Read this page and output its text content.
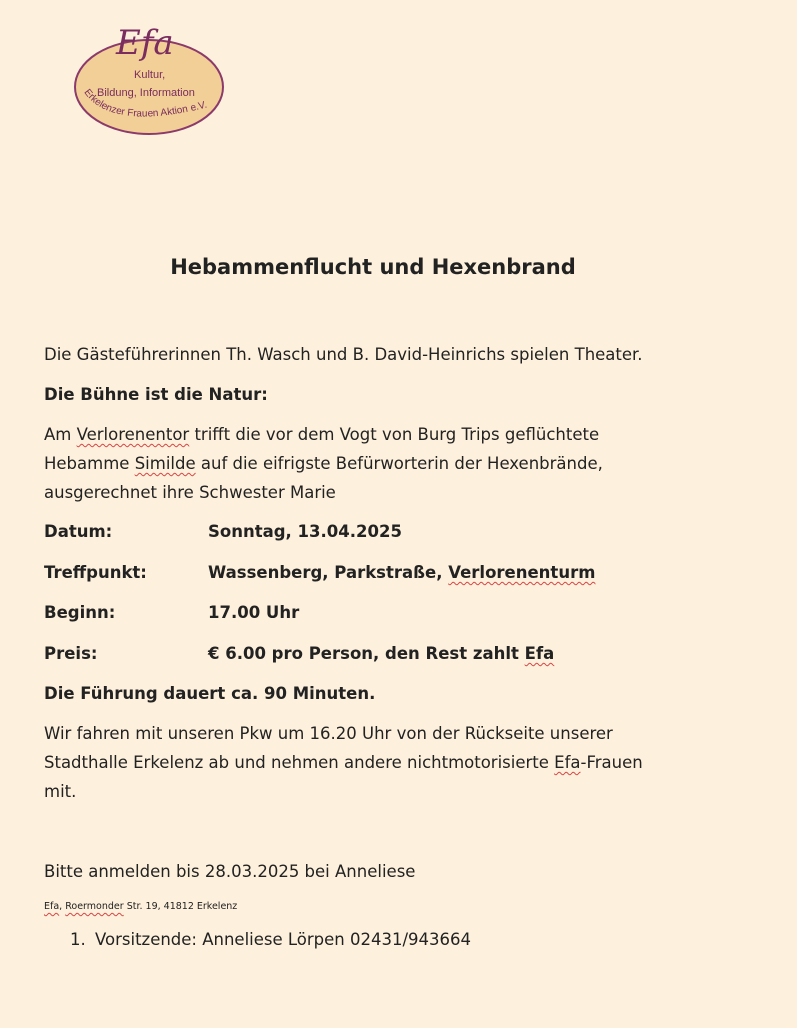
Efa
Kultur,
Bildung, Information
Erkelenzer Frauen Aktion e.V.
Hebammenflucht und Hexenbrand

Die Gästeführerinnen Th. Wasch und B. David-Heinrichs spielen Theater.

Die Bühne ist die Natur:

Am Verlorenentor trifft die vor dem Vogt von Burg Trips geflüchtete

Hebamme Similde auf die eifrigste Befürworterin der Hexenbrände,

ausgerechnet ihre Schwester Marie

Datum:	Sonntag, 13.04.2025
Treffpunkt:	Wassenberg, Parkstraße, Verlorenenturm
Beginn:	17.00 Uhr
Preis:	€ 6.00 pro Person, den Rest zahlt Efa

Die Führung dauert ca. 90 Minuten.

Wir fahren mit unseren Pkw um 16.20 Uhr von der Rückseite unserer

Stadthalle Erkelenz ab und nehmen andere nichtmotorisierte Efa-Frauen

mit.

Bitte anmelden bis 28.03.2025 bei Anneliese

Efa, Roermonder Str. 19, 41812 Erkelenz
1. Vorsitzende: Anneliese Lörpen 02431/943664
